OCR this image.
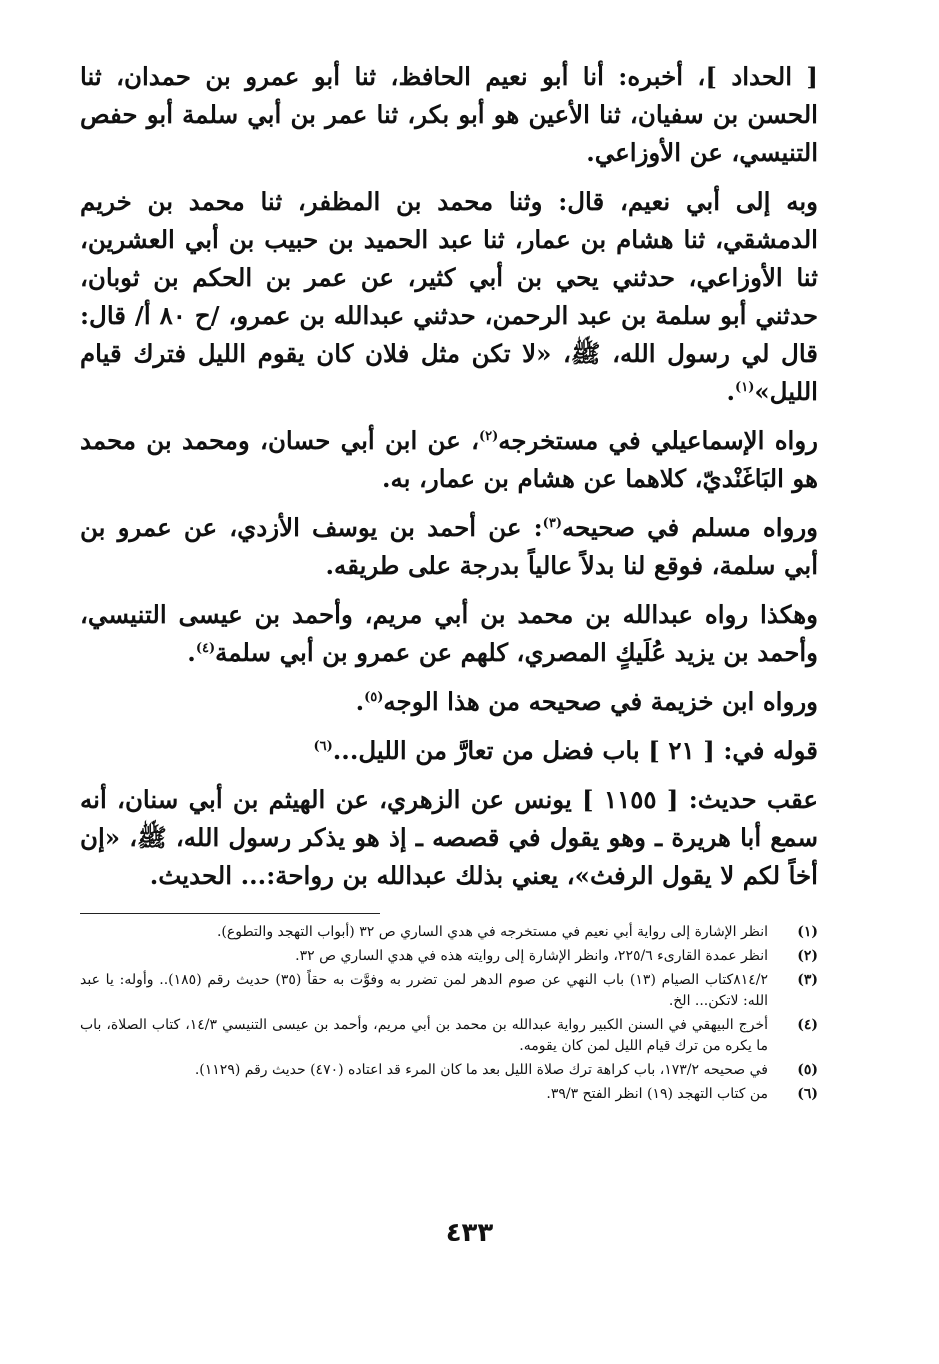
[ الحداد ]، أخبره: أنا أبو نعيم الحافظ، ثنا أبو عمرو بن حمدان، ثنا الحسن بن سفيان، ثنا الأعين هو أبو بكر، ثنا عمر بن أبي سلمة أبو حفص التنيسي، عن الأوزاعي.

وبه إلى أبي نعيم، قال: وثنا محمد بن المظفر، ثنا محمد بن خريم الدمشقي، ثنا هشام بن عمار، ثنا عبد الحميد بن حبيب بن أبي العشرين، ثنا الأوزاعي، حدثني يحي بن أبي كثير، عن عمر بن الحكم بن ثوبان، حدثني أبو سلمة بن عبد الرحمن، حدثني عبدالله بن عمرو، /ح ٨٠ أ/ قال: قال لي رسول الله، ﷺ، «لا تكن مثل فلان كان يقوم الليل فترك قيام الليل»$^{(١)}$.

رواه الإسماعيلي في مستخرجه$^{(٢)}$، عن ابن أبي حسان، ومحمد بن محمد هو البَاغَنْديّ، كلاهما عن هشام بن عمار، به.

ورواه مسلم في صحيحه$^{(٣)}$: عن أحمد بن يوسف الأزدي، عن عمرو بن أبي سلمة، فوقع لنا بدلاً عالياً بدرجة على طريقه.

وهكذا رواه عبدالله بن محمد بن أبي مريم، وأحمد بن عيسى التنيسي، وأحمد بن يزيد عُلَيكٍ المصري، كلهم عن عمرو بن أبي سلمة$^{(٤)}$.

ورواه ابن خزيمة في صحيحه من هذا الوجه$^{(٥)}$.

قوله في: [ ٢١ ] باب فضل من تعارَّ من الليل...$^{(٦)}$

عقب حديث: [ ١١٥٥ ] يونس عن الزهري، عن الهيثم بن أبي سنان، أنه سمع أبا هريرة ـ وهو يقول في قصصه ـ إذ هو يذكر رسول الله، ﷺ، «إن أخاً لكم لا يقول الرفث»، يعني بذلك عبدالله بن رواحة:... الحديث.

(١)
انظر الإشارة إلى رواية أبي نعيم في مستخرجه في هدي الساري ص ٣٢ (أبواب التهجد والتطوع).
(٢)
انظر عمدة القارىء ٢٢٥/٦، وانظر الإشارة إلى روايته هذه في هدي الساري ص ٣٢.
(٣)
٨١٤/٢كتاب الصيام (١٣) باب النهي عن صوم الدهر لمن تضرر به وفوَّت به حقاً (٣٥) حديث رقم (١٨٥).. وأوله: يا عبد الله: لاتكن... الخ.
(٤)
أخرج البيهقي في السنن الكبير رواية عبدالله بن محمد بن أبي مريم، وأحمد بن عيسى التنيسي ١٤/٣، كتاب الصلاة، باب ما يكره من ترك قيام الليل لمن كان يقومه.
(٥)
في صحيحه ١٧٣/٢، باب كراهة ترك صلاة الليل بعد ما كان المرء قد اعتاده (٤٧٠) حديث رقم (١١٢٩).
(٦)
من كتاب التهجد (١٩) انظر الفتح ٣٩/٣.
٤٣٣
